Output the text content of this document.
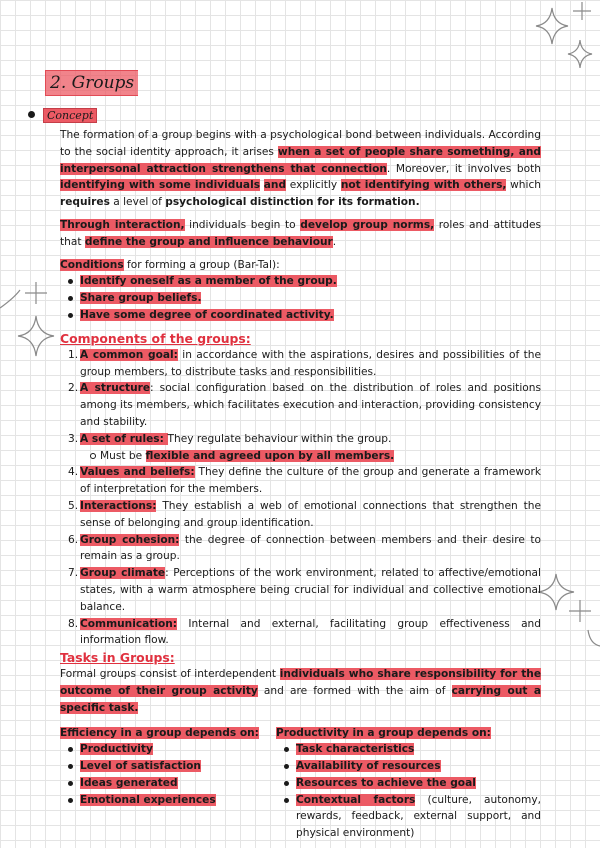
2. Groups
Concept

The formation of a group begins with a psychological bond between individuals. According to the social identity approach, it arises when a set of people share something, and interpersonal attraction strengthens that connection. Moreover, it involves both identifying with some individuals and explicitly not identifying with others, which requires a level of psychological distinction for its formation.

Through interaction, individuals begin to develop group norms, roles and attitudes that define the group and influence behaviour.

Conditions for forming a group (Bar-Tal):

Identify oneself as a member of the group.
Share group beliefs.
Have some degree of coordinated activity.
Components of the groups:
1. A common goal: in accordance with the aspirations, desires and possibilities of the group members, to distribute tasks and responsibilities.
2. A structure: social configuration based on the distribution of roles and positions among its members, which facilitates execution and interaction, providing consistency and stability.
3. A set of rules: They regulate behaviour within the group.
Must be flexible and agreed upon by all members.
4. Values and beliefs: They define the culture of the group and generate a framework of interpretation for the members.
5. Interactions: They establish a web of emotional connections that strengthen the sense of belonging and group identification.
6. Group cohesion: the degree of connection between members and their desire to remain as a group.
7. Group climate: Perceptions of the work environment, related to affective/emotional states, with a warm atmosphere being crucial for individual and collective emotional balance.
8. Communication: Internal and external, facilitating group effectiveness and information flow.
Tasks in Groups:

Formal groups consist of interdependent individuals who share responsibility for the outcome of their group activity and are formed with the aim of carrying out a specific task.

Efficiency in a group depends on:

Productivity
Level of satisfaction
Ideas generated
Emotional experiences

Productivity in a group depends on:

Task characteristics
Availability of resources
Resources to achieve the goal
Contextual factors (culture, autonomy, rewards, feedback, external support, and physical environment)
